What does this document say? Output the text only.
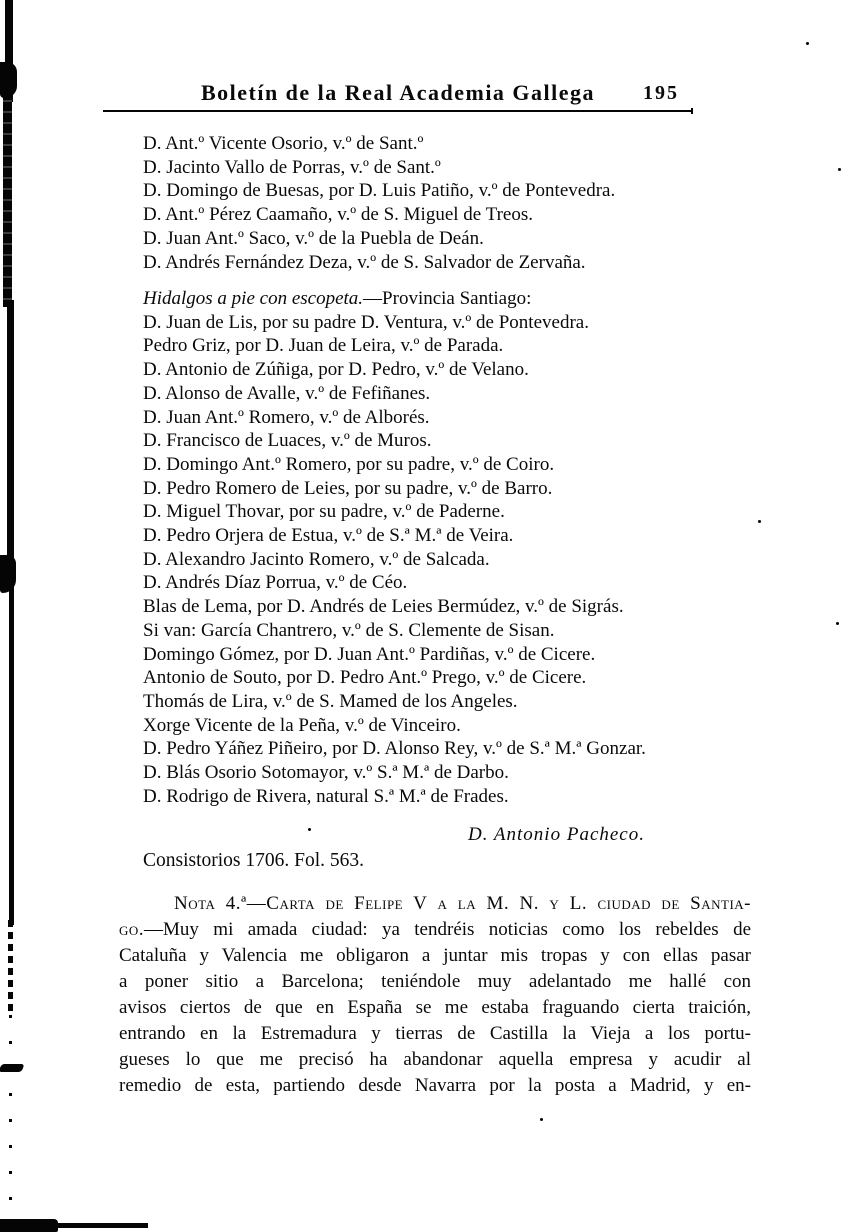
Boletín de la Real Academia Gallega	195
D. Ant.º Vicente Osorio, v.º de Sant.º
D. Jacinto Vallo de Porras, v.º de Sant.º
D. Domingo de Buesas, por D. Luis Patiño, v.º de Pontevedra.
D. Ant.º Pérez Caamaño, v.º de S. Miguel de Treos.
D. Juan Ant.º Saco, v.º de la Puebla de Deán.
D. Andrés Fernández Deza, v.º de S. Salvador de Zervaña.
Hidalgos a pie con escopeta.—Provincia Santiago:
D. Juan de Lis, por su padre D. Ventura, v.º de Pontevedra.
Pedro Griz, por D. Juan de Leira, v.º de Parada.
D. Antonio de Zúñiga, por D. Pedro, v.º de Velano.
D. Alonso de Avalle, v.º de Fefiñanes.
D. Juan Ant.º Romero, v.º de Alborés.
D. Francisco de Luaces, v.º de Muros.
D. Domingo Ant.º Romero, por su padre, v.º de Coiro.
D. Pedro Romero de Leies, por su padre, v.º de Barro.
D. Miguel Thovar, por su padre, v.º de Paderne.
D. Pedro Orjera de Estua, v.º de S.ª M.ª de Veira.
D. Alexandro Jacinto Romero, v.º de Salcada.
D. Andrés Díaz Porrua, v.º de Céo.
Blas de Lema, por D. Andrés de Leies Bermúdez, v.º de Sigrás.
Si van: García Chantrero, v.º de S. Clemente de Sisan.
Domingo Gómez, por D. Juan Ant.º Pardiñas, v.º de Cicere.
Antonio de Souto, por D. Pedro Ant.º Prego, v.º de Cicere.
Thomás de Lira, v.º de S. Mamed de los Angeles.
Xorge Vicente de la Peña, v.º de Vinceiro.
D. Pedro Yáñez Piñeiro, por D. Alonso Rey, v.º de S.ª M.ª Gonzar.
D. Blás Osorio Sotomayor, v.º S.ª M.ª de Darbo.
D. Rodrigo de Rivera, natural S.ª M.ª de Frades.
D. Antonio Pacheco.
Consistorios 1706. Fol. 563.
Nota 4.ª—Carta de Felipe V a la M. N. y L. ciudad de Santia-
go.—Muy mi amada ciudad: ya tendréis noticias como los rebeldes de
Cataluña y Valencia me obligaron a juntar mis tropas y con ellas pasar
a poner sitio a Barcelona; teniéndole muy adelantado me hallé con
avisos ciertos de que en España se me estaba fraguando cierta traición,
entrando en la Estremadura y tierras de Castilla la Vieja a los portu-
gueses lo que me precisó ha abandonar aquella empresa y acudir al
remedio de esta, partiendo desde Navarra por la posta a Madrid, y en-
